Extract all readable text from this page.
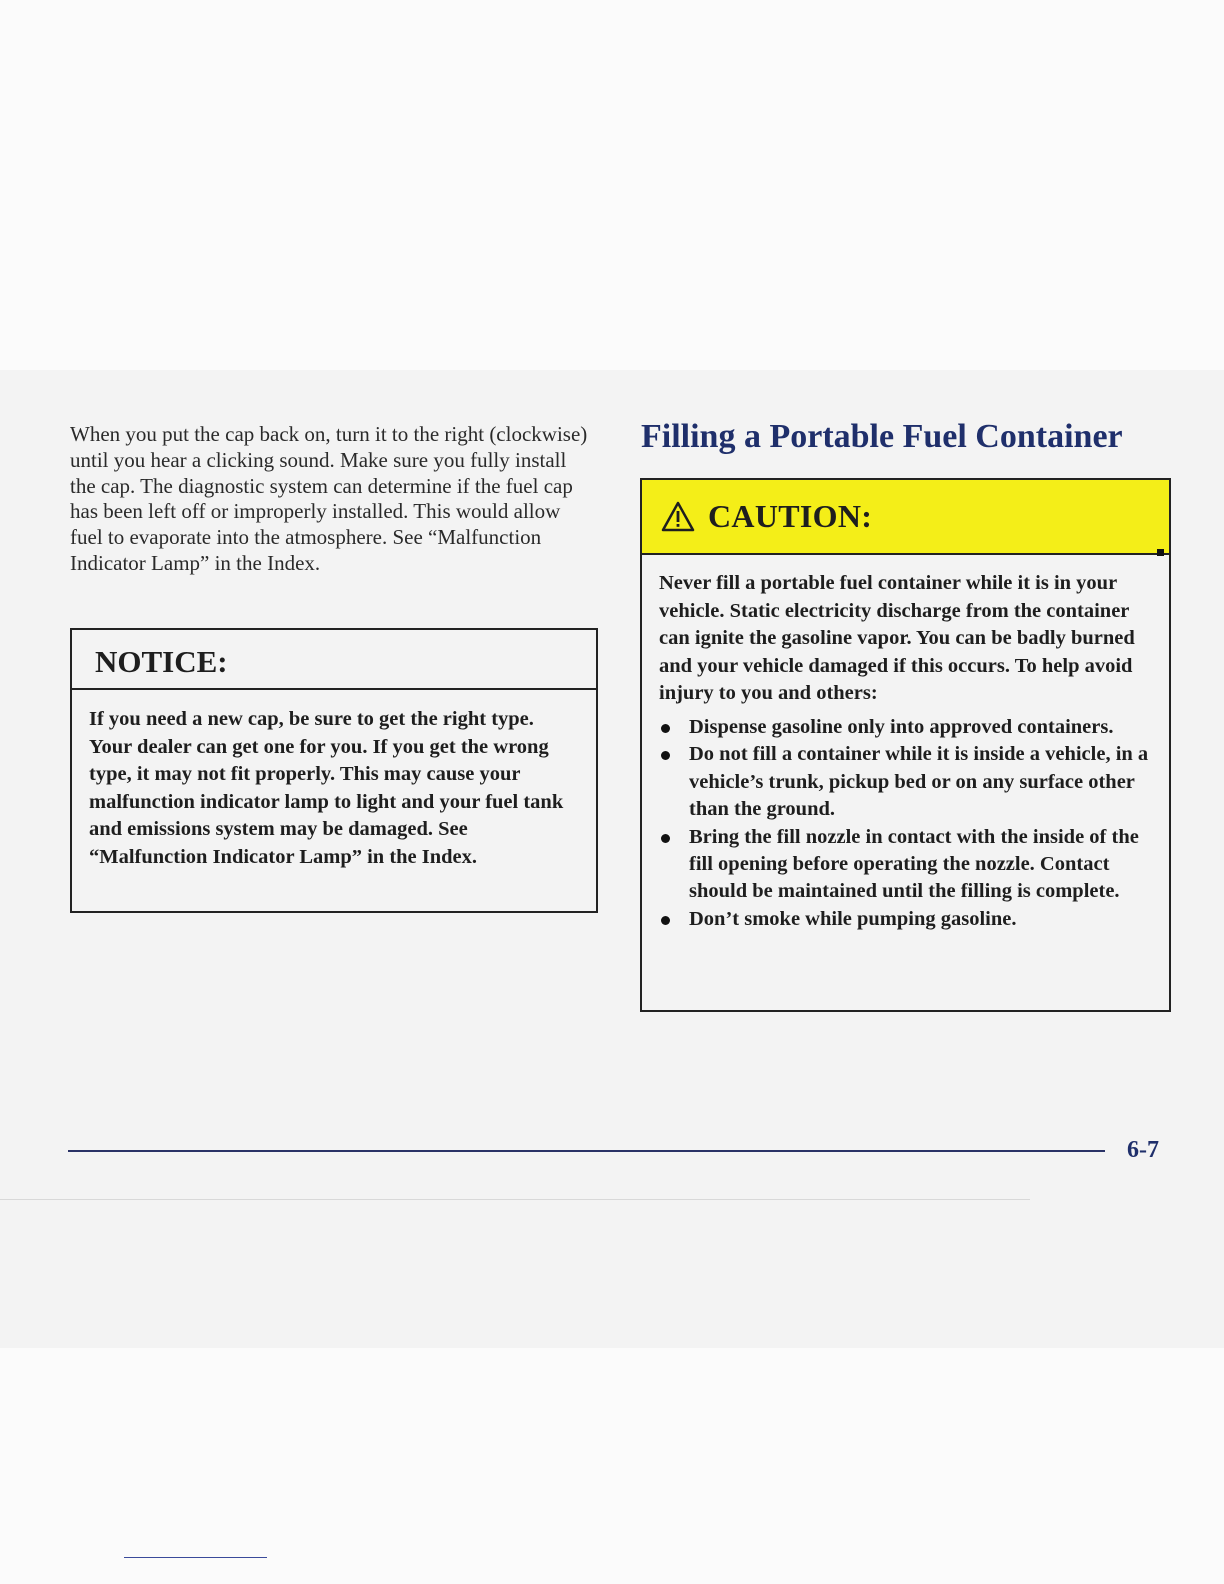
When you put the cap back on, turn it to the right (clockwise) until you hear a clicking sound. Make sure you fully install the cap. The diagnostic system can determine if the fuel cap has been left off or improperly installed. This would allow fuel to evaporate into the atmosphere. See “Malfunction Indicator Lamp” in the Index.

NOTICE:
If you need a new cap, be sure to get the right type. Your dealer can get one for you. If you get the wrong type, it may not fit properly. This may cause your malfunction indicator lamp to light and your fuel tank and emissions system may be damaged. See “Malfunction Indicator Lamp” in the Index.
Filling a Portable Fuel Container
CAUTION:

Never fill a portable fuel container while it is in your vehicle. Static electricity discharge from the container can ignite the gasoline vapor. You can be badly burned and your vehicle damaged if this occurs. To help avoid injury to you and others:

Dispense gasoline only into approved containers.
Do not fill a container while it is inside a vehicle, in a vehicle’s trunk, pickup bed or on any surface other than the ground.
Bring the fill nozzle in contact with the inside of the fill opening before operating the nozzle. Contact should be maintained until the filling is complete.
Don’t smoke while pumping gasoline.
6-7
